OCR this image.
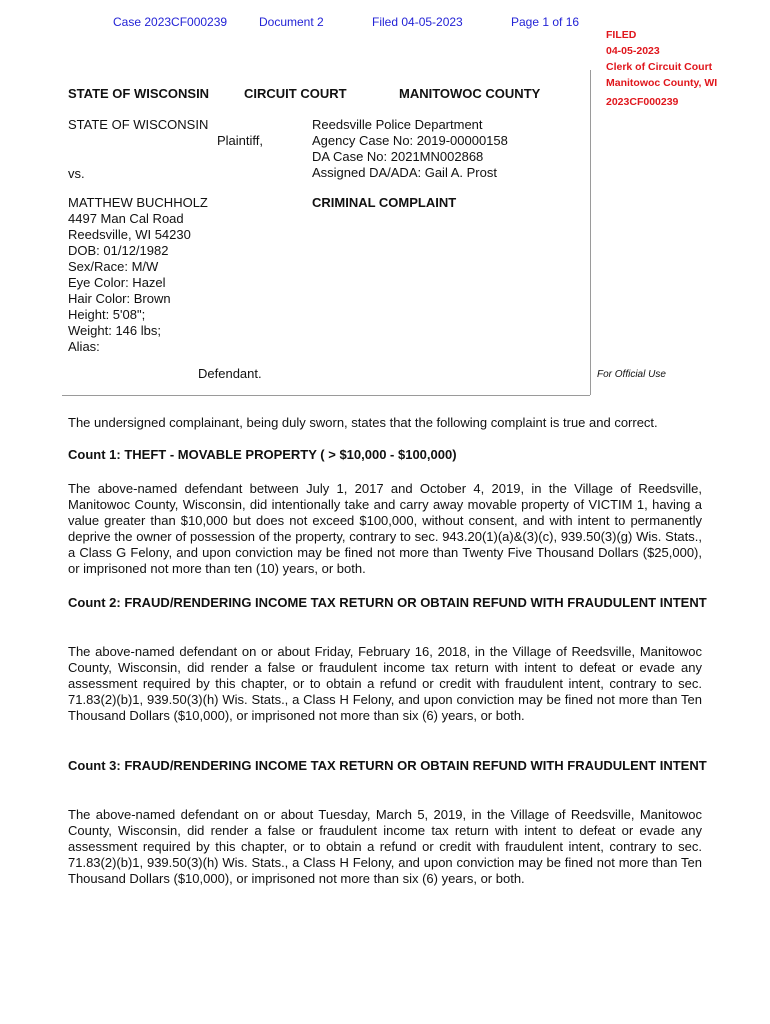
Case 2023CF000239	Document 2	Filed 04-05-2023	Page 1 of 16
FILED
04-05-2023
Clerk of Circuit Court
Manitowoc County, WI
2023CF000239
STATE OF WISCONSIN	CIRCUIT COURT	MANITOWOC COUNTY
STATE OF WISCONSIN
Plaintiff,
vs.
MATTHEW BUCHHOLZ
4497 Man Cal Road
Reedsville, WI 54230
DOB: 01/12/1982
Sex/Race: M/W
Eye Color: Hazel
Hair Color: Brown
Height: 5'08";
Weight: 146 lbs;
Alias:
Defendant.
Reedsville Police Department
Agency Case No: 2019-00000158
DA Case No: 2021MN002868
Assigned DA/ADA: Gail A. Prost
CRIMINAL COMPLAINT
For Official Use
The undersigned complainant, being duly sworn, states that the following complaint is true and correct.
Count 1: THEFT - MOVABLE PROPERTY ( > $10,000 - $100,000)
The above-named defendant between July 1, 2017 and October 4, 2019, in the Village of Reedsville, Manitowoc County, Wisconsin, did intentionally take and carry away movable property of VICTIM 1, having a value greater than $10,000 but does not exceed $100,000, without consent, and with intent to permanently deprive the owner of possession of the property, contrary to sec. 943.20(1)(a)&(3)(c), 939.50(3)(g) Wis. Stats., a Class G Felony, and upon conviction may be fined not more than Twenty Five Thousand Dollars ($25,000), or imprisoned not more than ten (10) years, or both.
Count 2: FRAUD/RENDERING INCOME TAX RETURN OR OBTAIN REFUND WITH FRAUDULENT INTENT
The above-named defendant on or about Friday, February 16, 2018, in the Village of Reedsville, Manitowoc County, Wisconsin, did render a false or fraudulent income tax return with intent to defeat or evade any assessment required by this chapter, or to obtain a refund or credit with fraudulent intent, contrary to sec. 71.83(2)(b)1, 939.50(3)(h) Wis. Stats., a Class H Felony, and upon conviction may be fined not more than Ten Thousand Dollars ($10,000), or imprisoned not more than six (6) years, or both.
Count 3: FRAUD/RENDERING INCOME TAX RETURN OR OBTAIN REFUND WITH FRAUDULENT INTENT
The above-named defendant on or about Tuesday, March 5, 2019, in the Village of Reedsville, Manitowoc County, Wisconsin, did render a false or fraudulent income tax return with intent to defeat or evade any assessment required by this chapter, or to obtain a refund or credit with fraudulent intent, contrary to sec. 71.83(2)(b)1, 939.50(3)(h) Wis. Stats., a Class H Felony, and upon conviction may be fined not more than Ten Thousand Dollars ($10,000), or imprisoned not more than six (6) years, or both.
